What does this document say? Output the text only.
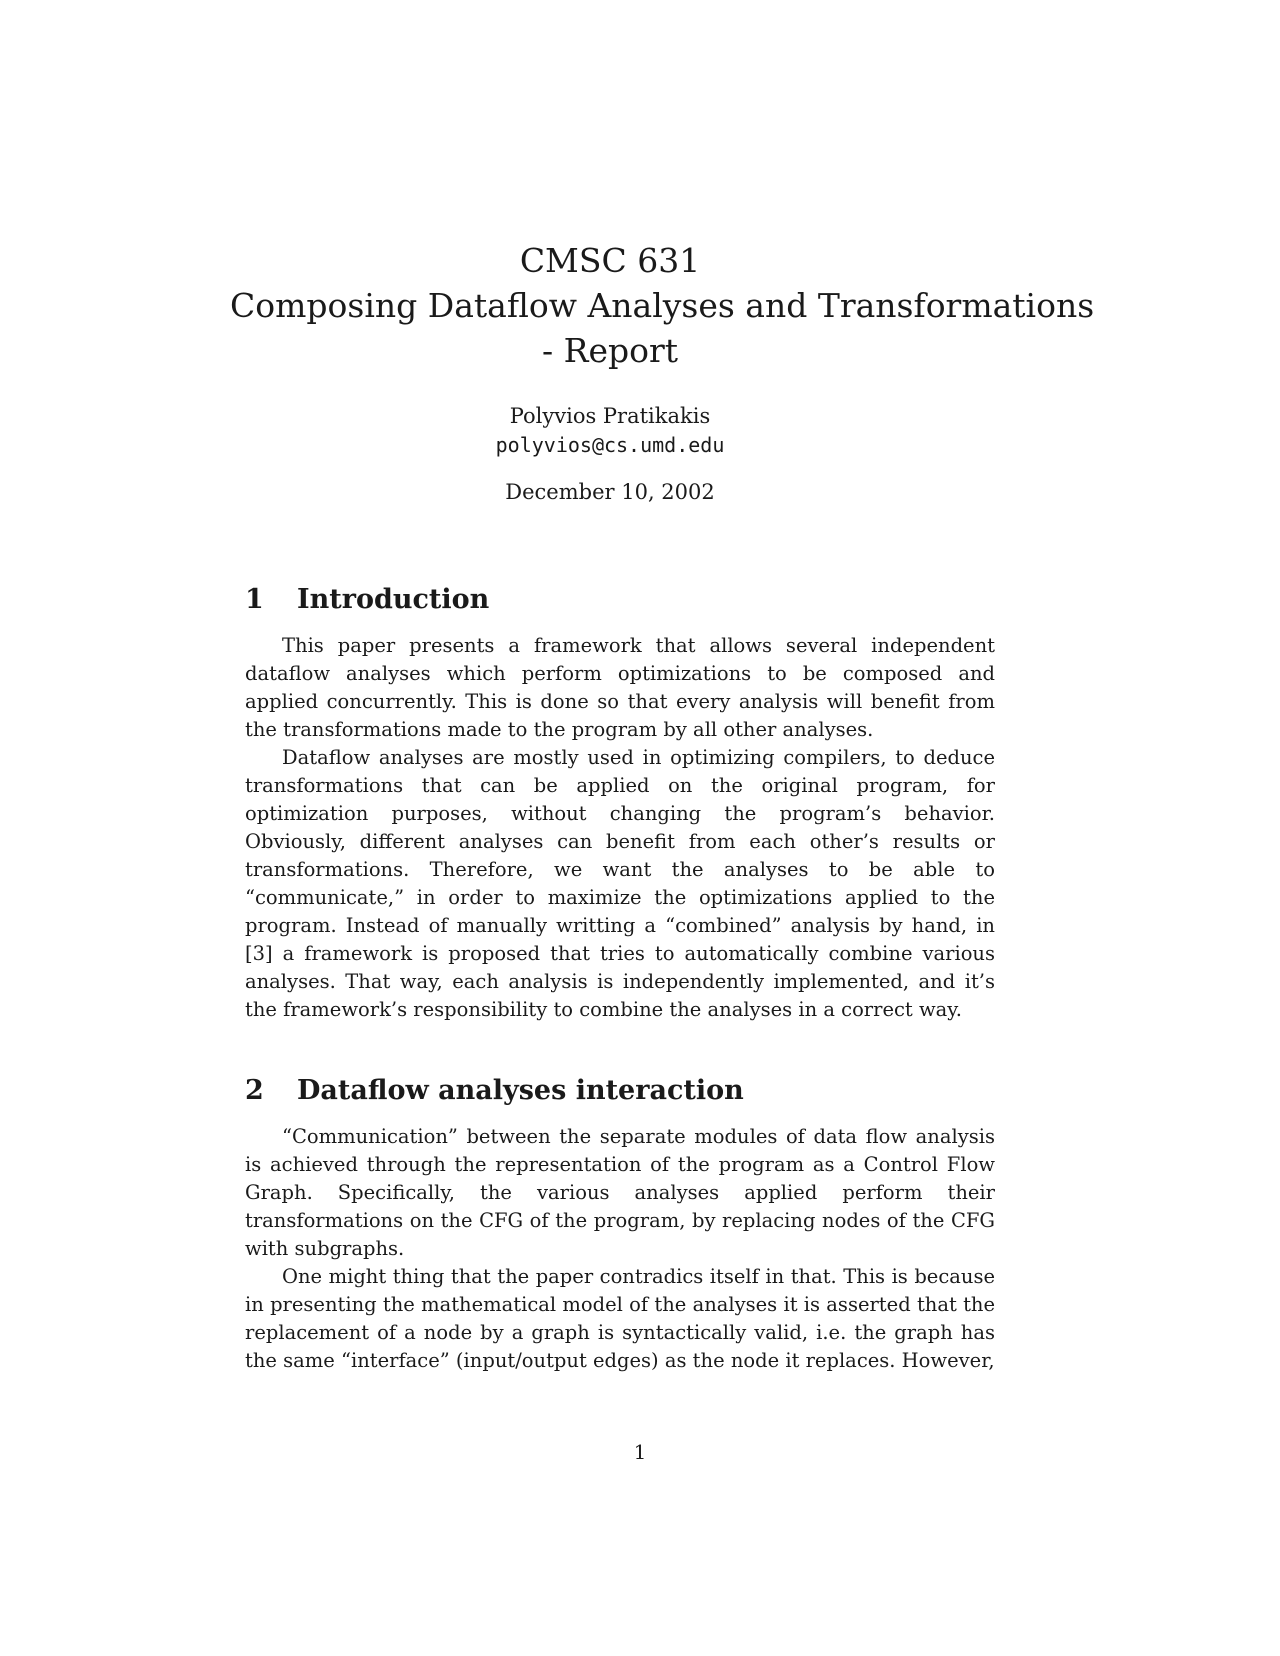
CMSC 631
Composing Dataflow Analyses and Transformations
- Report
Polyvios Pratikakis
polyvios@cs.umd.edu
December 10, 2002
1	Introduction

This paper presents a framework that allows several independent dataflow analyses which perform optimizations to be composed and applied concurrently. This is done so that every analysis will benefit from the transformations made to the program by all other analyses.

Dataflow analyses are mostly used in optimizing compilers, to deduce transformations that can be applied on the original program, for optimization purposes, without changing the program’s behavior. Obviously, different analyses can benefit from each other’s results or transformations. Therefore, we want the analyses to be able to “communicate,” in order to maximize the optimizations applied to the program. Instead of manually writting a “combined” analysis by hand, in [3] a framework is proposed that tries to automatically combine various analyses. That way, each analysis is independently implemented, and it’s the framework’s responsibility to combine the analyses in a correct way.

2	Dataflow analyses interaction

“Communication” between the separate modules of data flow analysis is achieved through the representation of the program as a Control Flow Graph. Specifically, the various analyses applied perform their transformations on the CFG of the program, by replacing nodes of the CFG with subgraphs.

One might thing that the paper contradics itself in that. This is because in presenting the mathematical model of the analyses it is asserted that the replacement of a node by a graph is syntactically valid, i.e. the graph has the same “interface” (input/output edges) as the node it replaces. However,

1
